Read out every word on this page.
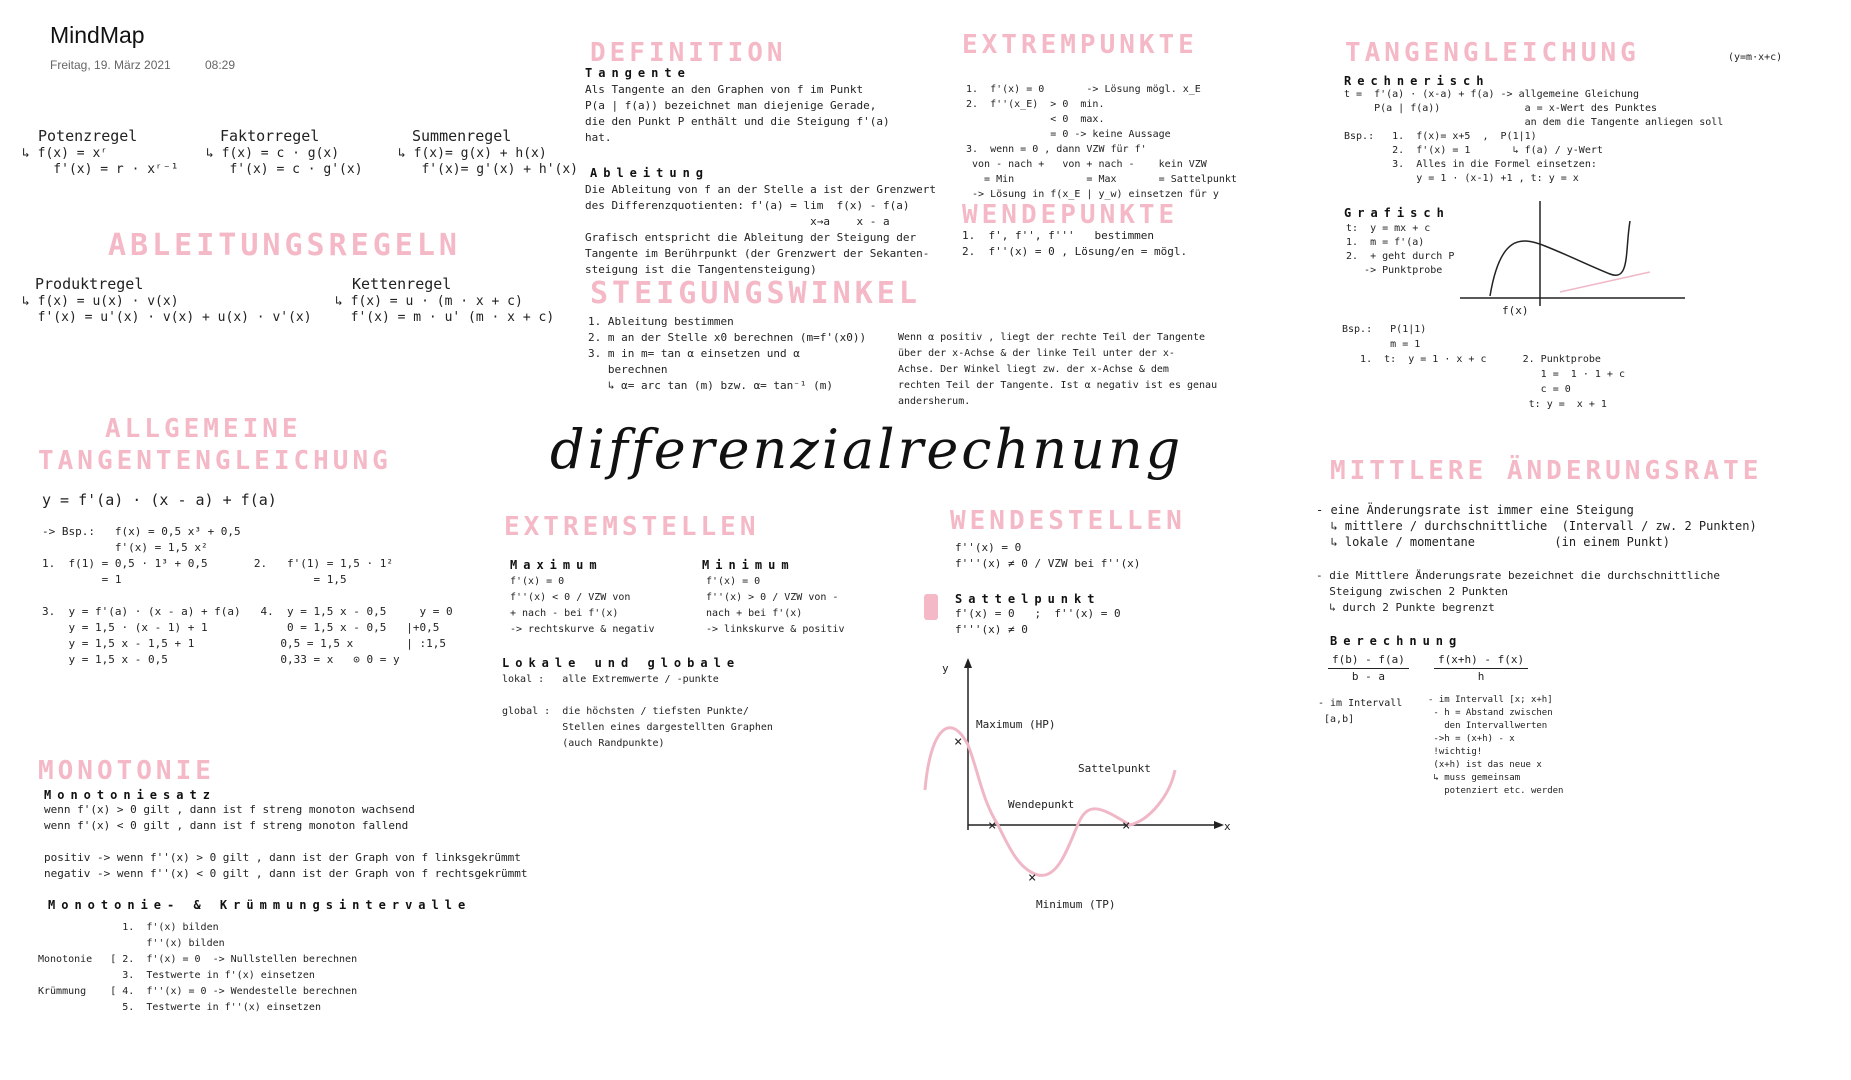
MindMap
Freitag, 19. März 2021	08:29
differenzialrechnung
Potenzregel
↳ f(x) = xʳ
f'(x) = r · xʳ⁻¹
Faktorregel
↳ f(x) = c · g(x)
f'(x) = c · g'(x)
Summenregel
↳ f(x)= g(x) + h(x)
f'(x)= g'(x) + h'(x)
ABLEITUNGSREGELN
Produktregel
↳ f(x) = u(x) · v(x)
f'(x) = u'(x) · v(x) + u(x) · v'(x)
Kettenregel
↳ f(x) = u · (m · x + c)
f'(x) = m · u' (m · x + c)
DEFINITION
Tangente
Als Tangente an den Graphen von f im Punkt
P(a | f(a)) bezeichnet man diejenige Gerade,
die den Punkt P enthält und die Steigung f'(a)
hat.
Ableitung
Die Ableitung von f an der Stelle a ist der Grenzwert
des Differenzquotienten: f'(a) = lim  f(x) - f(a)
x→a    x - a
Grafisch entspricht die Ableitung der Steigung der
Tangente im Berührpunkt (der Grenzwert der Sekanten-
steigung ist die Tangentensteigung)
EXTREMPUNKTE
1.  f'(x) = 0       -> Lösung mögl. x_E
2.  f''(x_E)  > 0  min.
< 0  max.
= 0 -> keine Aussage
3.  wenn = 0 , dann VZW für f'
von - nach +   von + nach -    kein VZW
= Min            = Max       = Sattelpunkt
-> Lösung in f(x_E | y_w) einsetzen für y
WENDEPUNKTE
1.  f', f'', f'''   bestimmen
2.  f''(x) = 0 , Lösung/en = mögl.
STEIGUNGSWINKEL
1. Ableitung bestimmen
2. m an der Stelle x0 berechnen (m=f'(x0))
3. m in m= tan α einsetzen und α
berechnen
↳ α= arc tan (m) bzw. α= tan⁻¹ (m)
Wenn α positiv , liegt der rechte Teil der Tangente
über der x-Achse & der linke Teil unter der x-
Achse. Der Winkel liegt zw. der x-Achse & dem
rechten Teil der Tangente. Ist α negativ ist es genau
andersherum.
TANGENGLEICHUNG	(y=m·x+c)
Rechnerisch
t =  f'(a) · (x-a) + f(a) -> allgemeine Gleichung
P(a | f(a))              a = x-Wert des Punktes
an dem die Tangente anliegen soll
Bsp.:   1.  f(x)= x+5  ,  P(1|1)
2.  f'(x) = 1       ↳ f(a) / y-Wert
3.  Alles in die Formel einsetzen:
y = 1 · (x-1) +1 , t: y = x
Grafisch
t:  y = mx + c
1.  m = f'(a)
2.  + geht durch P
-> Punktprobe
f(x)
Bsp.:   P(1|1)
m = 1
1.  t:  y = 1 · x + c      2. Punktprobe
1 =  1 · 1 + c
c = 0
t: y =  x + 1
ALLGEMEINE
TANGENTENGLEICHUNG
y = f'(a) · (x - a) + f(a)
-> Bsp.:   f(x) = 0,5 x³ + 0,5
f'(x) = 1,5 x²
1.  f(1) = 0,5 · 1³ + 0,5       2.   f'(1) = 1,5 · 1²
= 1                             = 1,5

3.  y = f'(a) · (x - a) + f(a)   4.  y = 1,5 x - 0,5     y = 0
y = 1,5 · (x - 1) + 1            0 = 1,5 x - 0,5   |+0,5
y = 1,5 x - 1,5 + 1             0,5 = 1,5 x        | :1,5
y = 1,5 x - 0,5                 0,33 = x   ⊙ 0 = y
EXTREMSTELLEN
Maximum
f'(x) = 0
f''(x) < 0 / VZW von
+ nach - bei f'(x)
-> rechtskurve & negativ
Minimum
f'(x) = 0
f''(x) > 0 / VZW von -
nach + bei f'(x)
-> linkskurve & positiv
Lokale und globale
lokal :   alle Extremwerte / -punkte

global :  die höchsten / tiefsten Punkte/
Stellen eines dargestellten Graphen
(auch Randpunkte)
WENDESTELLEN
f''(x) = 0
f'''(x) ≠ 0 / VZW bei f''(x)
Sattelpunkt
f'(x) = 0   ;  f''(x) = 0
f'''(x) ≠ 0
y
x
×
×
×
×
Maximum (HP)
Minimum (TP)
Wendepunkt
Sattelpunkt
MONOTONIE
Monotoniesatz
wenn f'(x) > 0 gilt , dann ist f streng monoton wachsend
wenn f'(x) < 0 gilt , dann ist f streng monoton fallend

positiv -> wenn f''(x) > 0 gilt , dann ist der Graph von f linksgekrümmt
negativ -> wenn f''(x) < 0 gilt , dann ist der Graph von f rechtsgekrümmt
Monotonie- & Krümmungsintervalle
1.  f'(x) bilden
f''(x) bilden
Monotonie   [ 2.  f'(x) = 0  -> Nullstellen berechnen
3.  Testwerte in f'(x) einsetzen
Krümmung    [ 4.  f''(x) = 0 -> Wendestelle berechnen
5.  Testwerte in f''(x) einsetzen
MITTLERE ÄNDERUNGSRATE
- eine Änderungsrate ist immer eine Steigung
↳ mittlere / durchschnittliche  (Intervall / zw. 2 Punkten)
↳ lokale / momentane           (in einem Punkt)
- die Mittlere Änderungsrate bezeichnet die durchschnittliche
Steigung zwischen 2 Punkten
↳ durch 2 Punkte begrenzt
Berechnung
$\frac{f(b) - f(a)}{b - a} \frac{f(x+h) - f(x)}{h}$
- im Intervall
[a,b]
- im Intervall [x; x+h]
- h = Abstand zwischen
den Intervallwerten
->h = (x+h) - x
!wichtig!
(x+h) ist das neue x
↳ muss gemeinsam
potenziert etc. werden
